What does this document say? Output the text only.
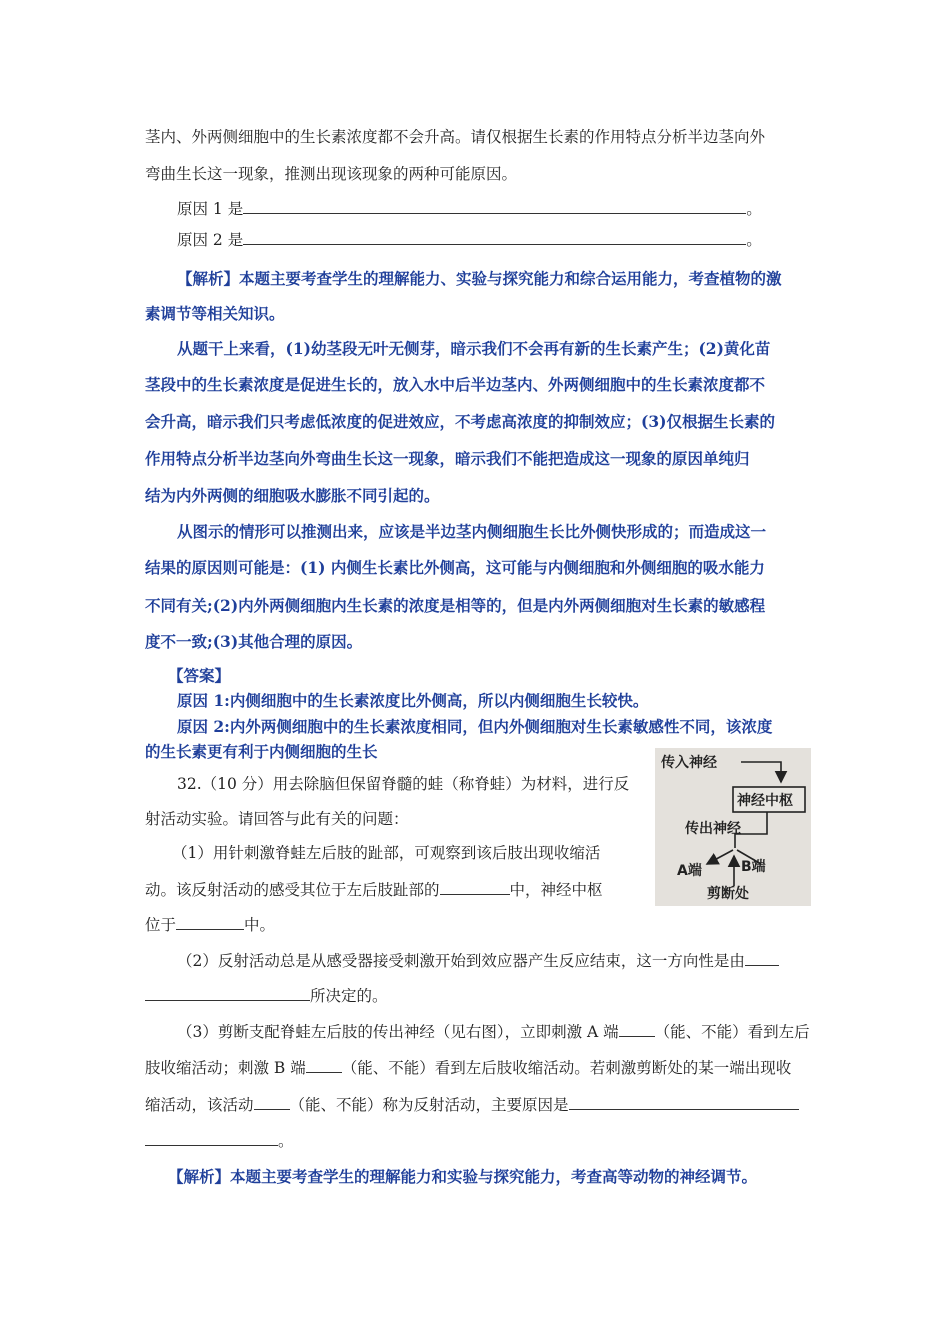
茎内、外两侧细胞中的生长素浓度都不会升高。请仅根据生长素的作用特点分析半边茎向外
弯曲生长这一现象，推测出现该现象的两种可能原因。
原因 1 是	。
原因 2 是	。
【解析】本题主要考查学生的理解能力、实验与探究能力和综合运用能力，考查植物的激
素调节等相关知识。
从题干上来看，(1)幼茎段无叶无侧芽，暗示我们不会再有新的生长素产生；(2)黄化苗
茎段中的生长素浓度是促进生长的，放入水中后半边茎内、外两侧细胞中的生长素浓度都不
会升高，暗示我们只考虑低浓度的促进效应，不考虑高浓度的抑制效应；(3)仅根据生长素的
作用特点分析半边茎向外弯曲生长这一现象，暗示我们不能把造成这一现象的原因单纯归
结为内外两侧的细胞吸水膨胀不同引起的。
从图示的情形可以推测出来，应该是半边茎内侧细胞生长比外侧快形成的；而造成这一
结果的原因则可能是：(1) 内侧生长素比外侧高，这可能与内侧细胞和外侧细胞的吸水能力
不同有关;(2)内外两侧细胞内生长素的浓度是相等的，但是内外两侧细胞对生长素的敏感程
度不一致;(3)其他合理的原因。
【答案】
原因 1:内侧细胞中的生长素浓度比外侧高，所以内侧细胞生长较快。
原因 2:内外两侧细胞中的生长素浓度相同，但内外侧细胞对生长素敏感性不同，该浓度
的生长素更有利于内侧细胞的生长
32.（10 分）用去除脑但保留脊髓的蛙（称脊蛙）为材料，进行反
射活动实验。请回答与此有关的问题：
（1）用针刺激脊蛙左后肢的趾部，可观察到该后肢出现收缩活
动。该反射活动的感受其位于左后肢趾部的	中，神经中枢
位于	中。
（2）反射活动总是从感受器接受刺激开始到效应器产生反应结束，这一方向性是由
所决定的。
（3）剪断支配脊蛙左后肢的传出神经（见右图），立即刺激 A 端 （能、不能）看到左后
肢收缩活动；刺激 B 端 （能、不能）看到左后肢收缩活动。若刺激剪断处的某一端出现收
缩活动，该活动 （能、不能）称为反射活动，主要原因是
。
【解析】本题主要考查学生的理解能力和实验与探究能力，考查高等动物的神经调节。
传入神经
神经中枢
传出神经
A端	B端
剪断处
